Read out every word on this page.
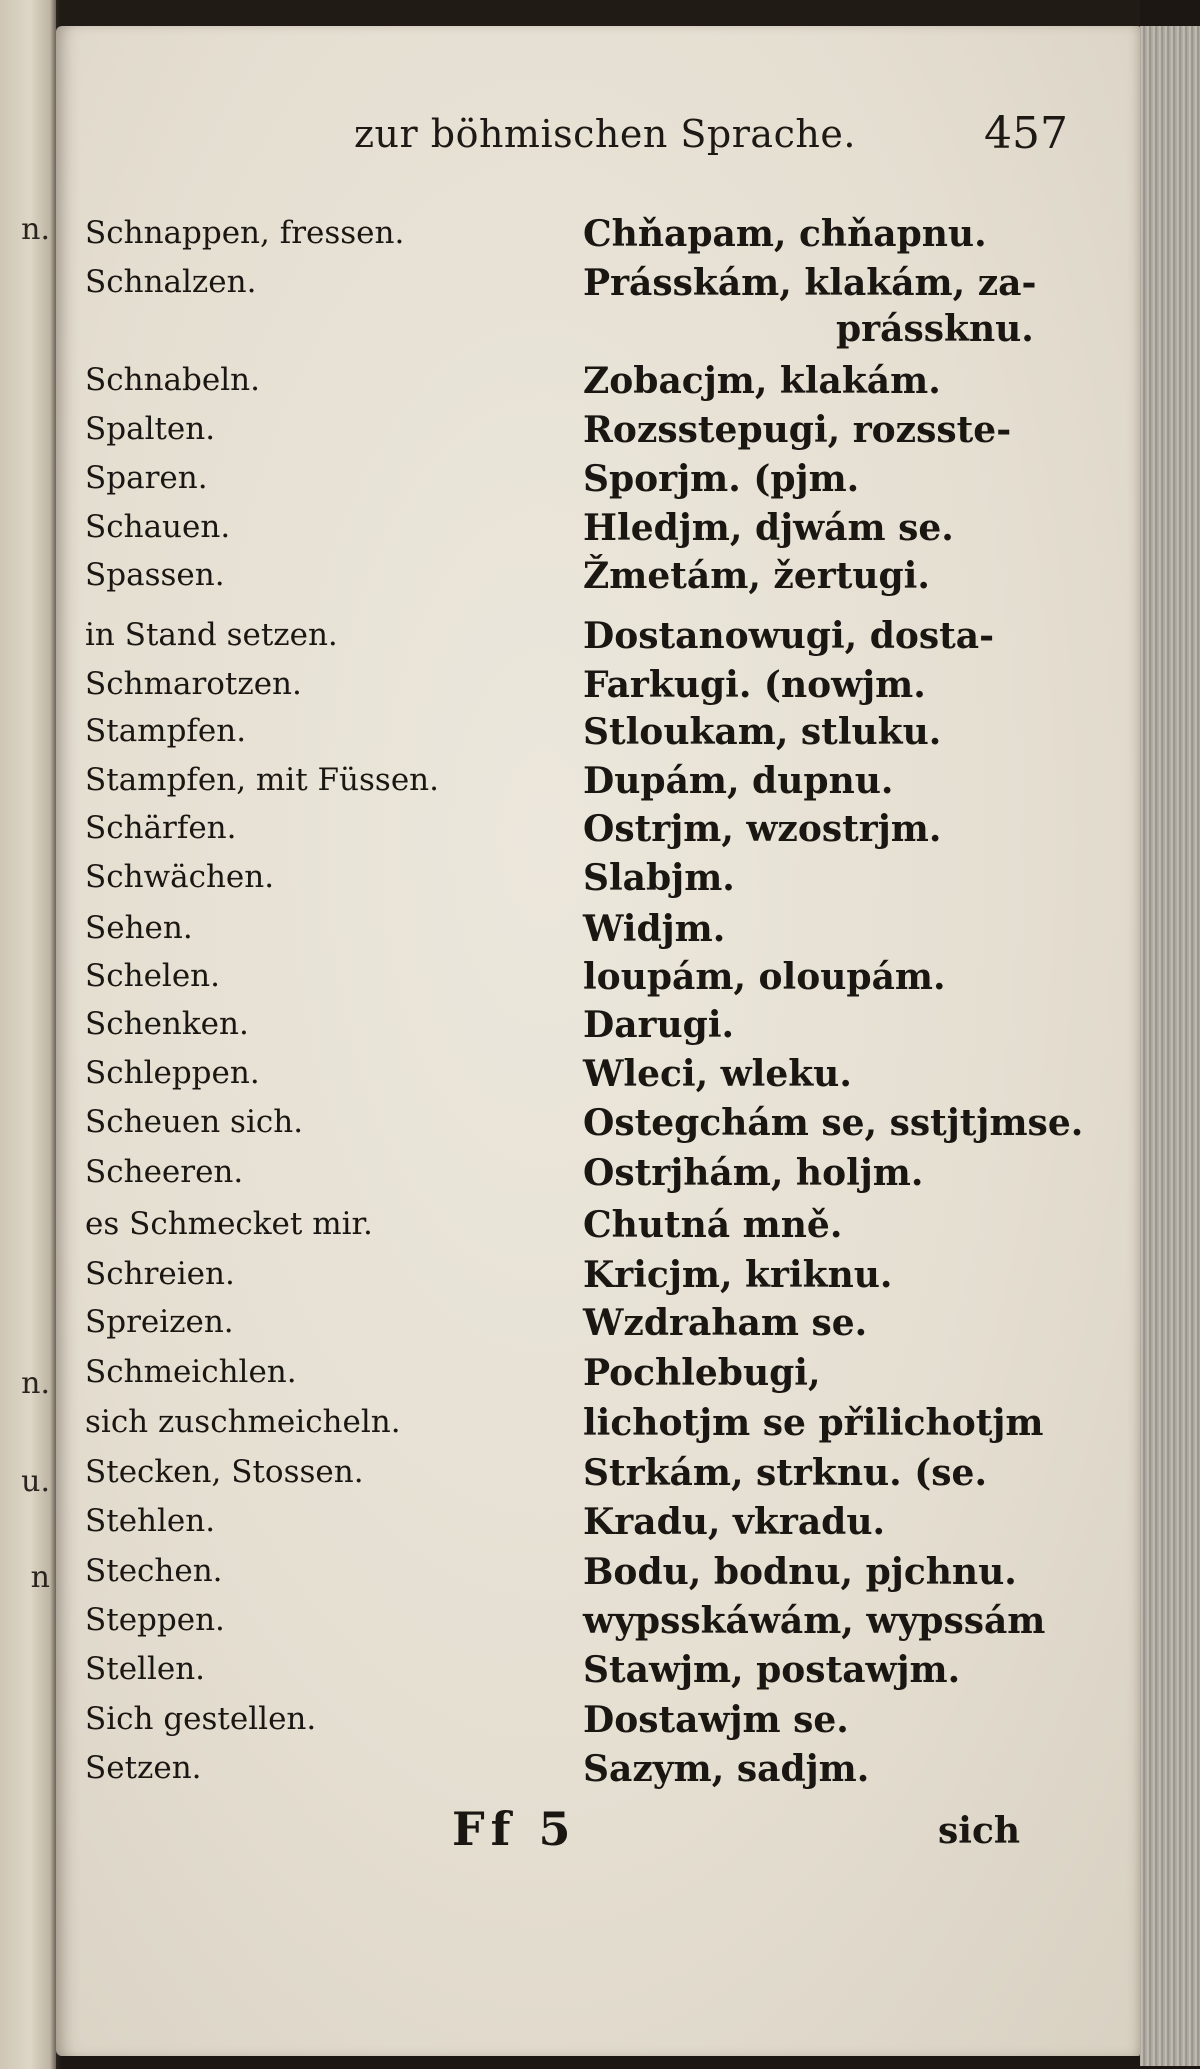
n.
n.
u.
n
zur böhmischen Sprache.	457
Schnappen, fressen.	Chňapam, chňapnu.
Schnalzen.	Prásskám, klakám, za-
prássknu.
Schnabeln.	Zobacjm, klakám.
Spalten.	Rozsstepugi, rozsste-
Sparen.	Sporjm. (pjm.
Schauen.	Hledjm, djwám se.
Spassen.	Žmetám, žertugi.
in Stand setzen.	Dostanowugi, dosta-
Schmarotzen.	Farkugi. (nowjm.
Stampfen.	Stloukam, stluku.
Stampfen, mit Füssen.	Dupám, dupnu.
Schärfen.	Ostrjm, wzostrjm.
Schwächen.	Slabjm.
Sehen.	Widjm.
Schelen.	loupám, oloupám.
Schenken.	Darugi.
Schleppen.	Wleci, wleku.
Scheuen sich.	Ostegchám se, sstjtjmse.
Scheeren.	Ostrjhám, holjm.
es Schmecket mir.	Chutná mně.
Schreien.	Kricjm, kriknu.
Spreizen.	Wzdraham se.
Schmeichlen.	Pochlebugi,
sich zuschmeicheln.	lichotjm se přilichotjm
Stecken, Stossen.	Strkám, strknu. (se.
Stehlen.	Kradu, vkradu.
Stechen.	Bodu, bodnu, pjchnu.
Steppen.	wypsskáwám, wypssám
Stellen.	Stawjm, postawjm.
Sich gestellen.	Dostawjm se.
Setzen.	Sazym, sadjm.
Ff 5	sich
